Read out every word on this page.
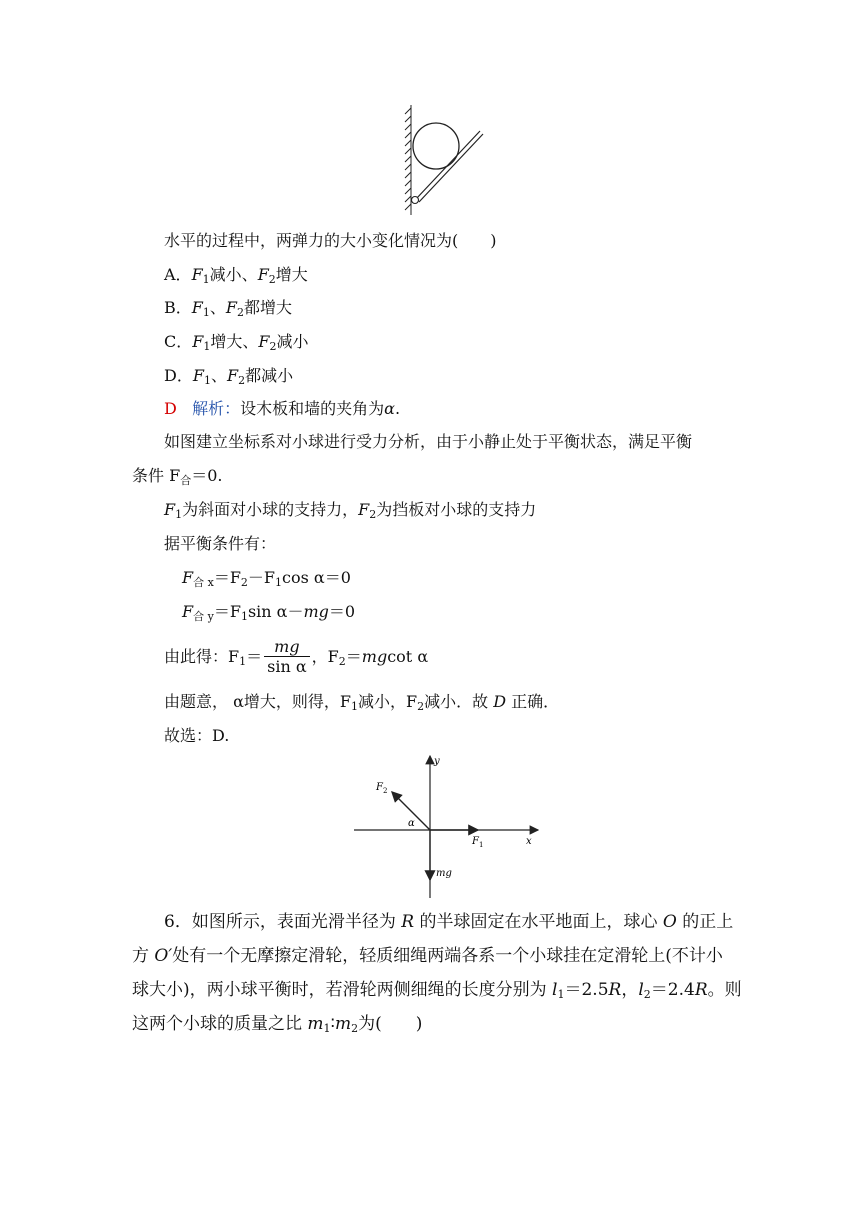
水平的过程中，两弹力的大小变化情况为(　　)
A．$F_1$减小、$F_2$增大
B．$F_1$、$F_2$都增大
C．$F_1$增大、$F_2$减小
D．$F_1$、$F_2$都减小
D 解析：设木板和墙的夹角为α.
如图建立坐标系对小球进行受力分析，由于小静止处于平衡状态，满足平衡
条件 $F_合=0$.
$F_1$为斜面对小球的支持力，$F_2$为挡板对小球的支持力
据平衡条件有：
$F_{合 x}=F_2-F_1\cos$ α＝0
$F_{合 y}=F_1\sin$ α－mg＝0
由此得：$F_1= \frac{mg}{\text{sin α}}$ ，$F_2=mgcot$ α
由题意， α增大，则得，$F_1$减小，$F_2$减小．故 D 正确．
故选：D.
y
x
$F_2$
$F_1$
mg
α
6．如图所示，表面光滑半径为 R 的半球固定在水平地面上，球心 O 的正上
方 O′处有一个无摩擦定滑轮，轻质细绳两端各系一个小球挂在定滑轮上(不计小
球大小)，两小球平衡时，若滑轮两侧细绳的长度分别为 $l_1=2.5R$，$l_2=2.4R$。则
这两个小球的质量之比 $m_1∶m_2$为(　　)
